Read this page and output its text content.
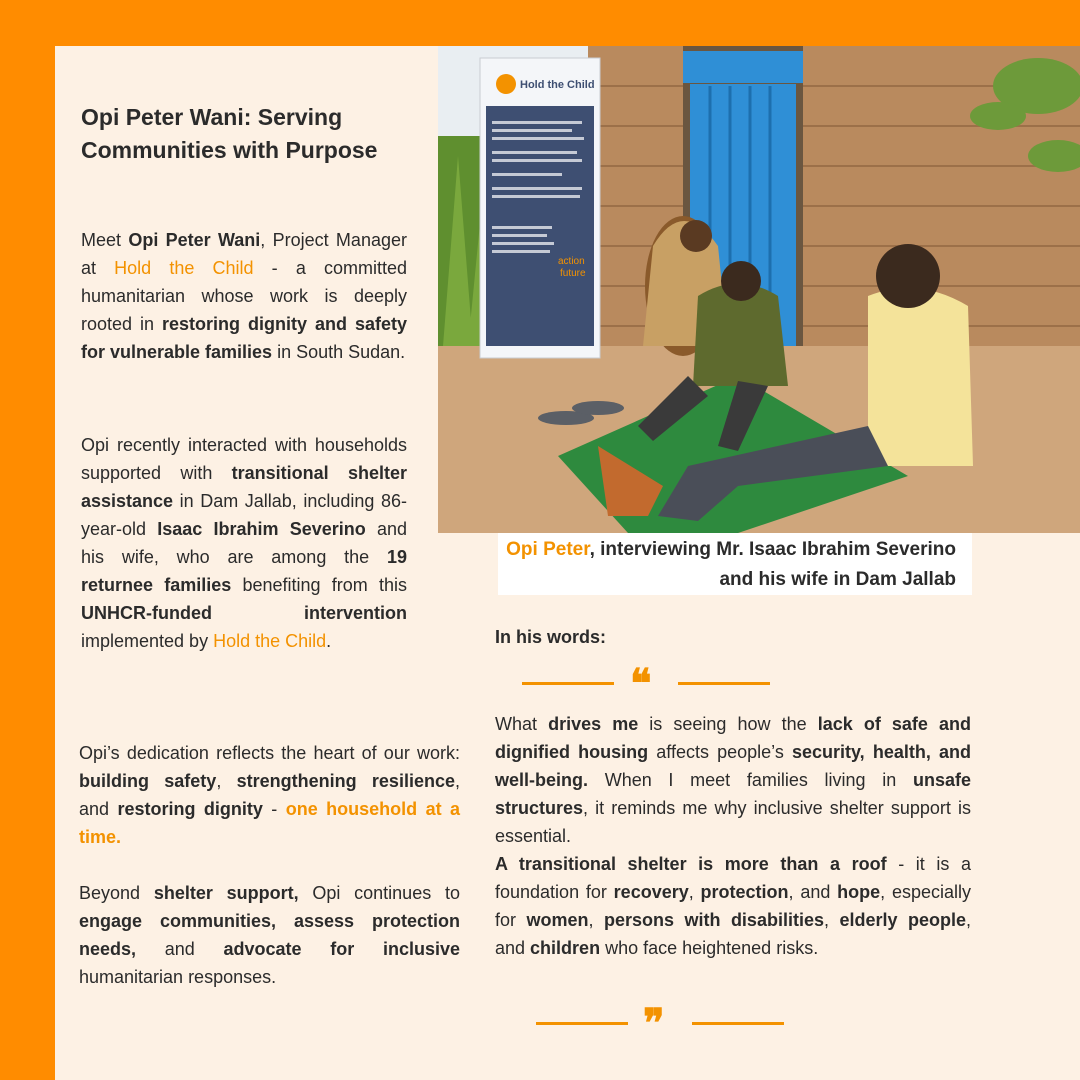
Opi Peter Wani: Serving Communities with Purpose
Meet Opi Peter Wani, Project Manager at Hold the Child - a committed humanitarian whose work is deeply rooted in restoring dignity and safety for vulnerable families in South Sudan.
Opi recently interacted with households supported with transitional shelter assistance in Dam Jallab, including 86-year-old Isaac Ibrahim Severino and his wife, who are among the 19 returnee families benefiting from this UNHCR-funded intervention implemented by Hold the Child.
Opi’s dedication reflects the heart of our work: building safety, strengthening resilience, and restoring dignity - one household at a time.
Beyond shelter support, Opi continues to engage communities, assess protection needs, and advocate for inclusive humanitarian responses.
Hold the Child
action
future
Opi Peter, interviewing Mr. Isaac Ibrahim Severino and his wife in Dam Jallab
In his words:
❝
What drives me is seeing how the lack of safe and dignified housing affects people’s security, health, and well-being. When I meet families living in unsafe structures, it reminds me why inclusive shelter support is essential.
A transitional shelter is more than a roof - it is a foundation for recovery, protection, and hope, especially for women, persons with disabilities, elderly people, and children who face heightened risks.
❞
